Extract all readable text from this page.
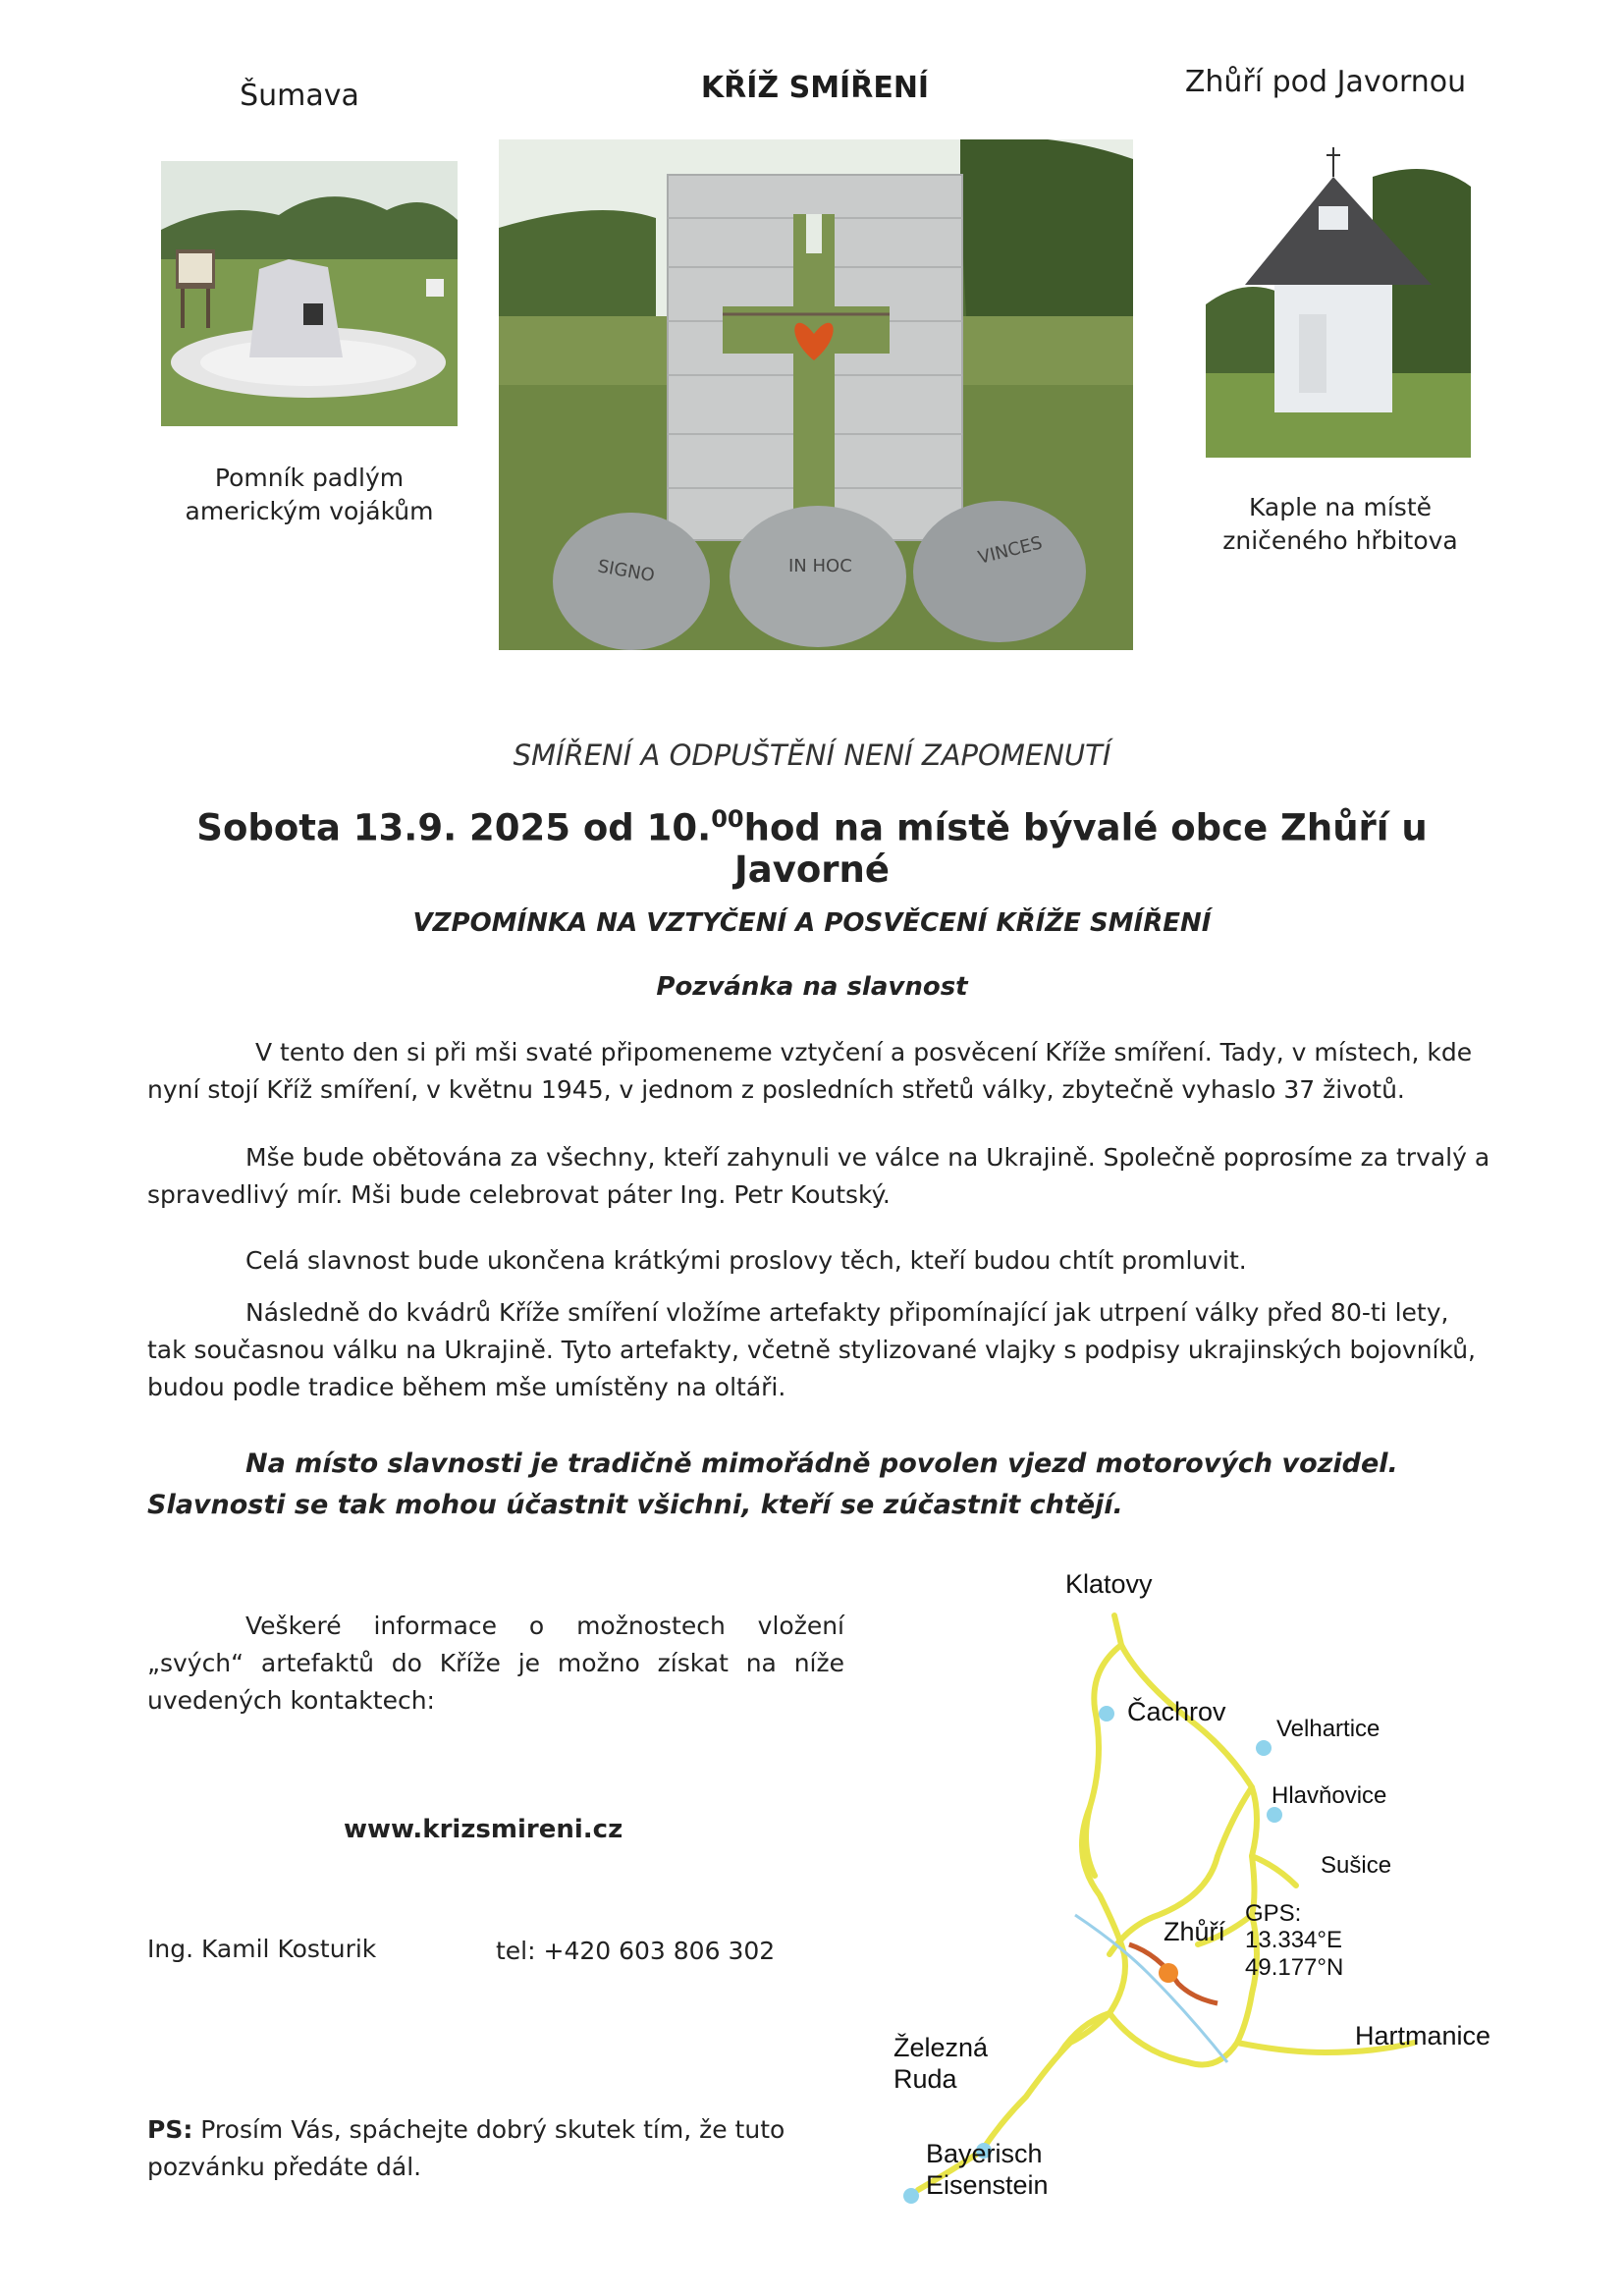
Šumava	KŘÍŽ SMÍŘENÍ	Zhůří pod Javornou
Pomník padlým
americkým vojákům
SIGNO	IN HOC	VINCES
Kaple na místě
zničeného hřbitova
SMÍŘENÍ A ODPUŠTĚNÍ NENÍ ZAPOMENUTÍ
Sobota 13.9. 2025 od 10.00hod na místě bývalé obce Zhůří u Javorné
VZPOMÍNKA NA VZTYČENÍ A POSVĚCENÍ KŘÍŽE SMÍŘENÍ
Pozvánka na slavnost
V tento den si při mši svaté připomeneme vztyčení a posvěcení Kříže smíření. Tady, v místech, kde nyní stojí Kříž smíření, v květnu 1945, v jednom z posledních střetů války, zbytečně vyhaslo 37 životů.
Mše bude obětována za všechny, kteří zahynuli ve válce na Ukrajině. Společně poprosíme za trvalý a spravedlivý mír. Mši bude celebrovat páter Ing. Petr Koutský.
Celá slavnost bude ukončena krátkými proslovy těch, kteří budou chtít promluvit.
Následně do kvádrů Kříže smíření vložíme artefakty připomínající jak utrpení války před 80-ti lety, tak současnou válku na Ukrajině. Tyto artefakty, včetně stylizované vlajky s podpisy ukrajinských bojovníků, budou podle tradice během mše umístěny na oltáři.
Na místo slavnosti je tradičně mimořádně povolen vjezd motorových vozidel. Slavnosti se tak mohou účastnit všichni, kteří se zúčastnit chtějí.
Veškeré informace o možnostech vložení „svých“ artefaktů do Kříže je možno získat na níže uvedených kontaktech:
www.krizsmireni.cz
Ing. Kamil Kosturik	tel: +420 603 806 302
PS: Prosím Vás, spáchejte dobrý skutek tím, že tuto pozvánku předáte dál.
Klatovy
Čachrov
Velhartice
Hlavňovice
Sušice
Zhůří
GPS:
13.334°E
49.177°N
Hartmanice
Železná
Ruda
Bayerisch
Eisenstein
